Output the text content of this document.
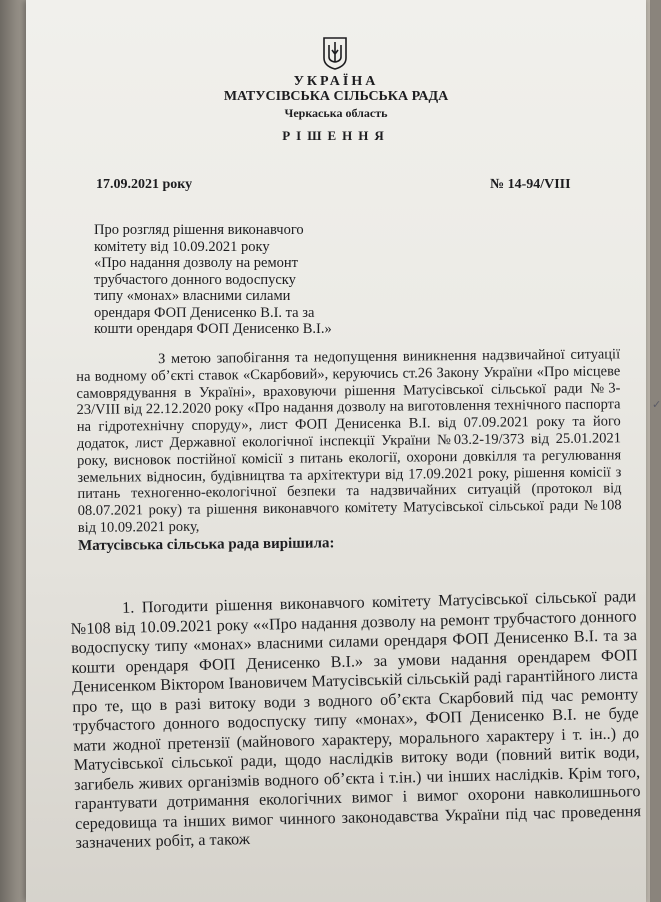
УКРАЇНА
МАТУСІВСЬКА СІЛЬСЬКА РАДА
Черкаська область
РІШЕННЯ
17.09.2021 року	№ 14-94/VIII
Про розгляд рішення виконавчого
комітету від 10.09.2021 року
«Про надання дозволу на ремонт
трубчастого донного водоспуску
типу «монах» власними силами
орендаря ФОП Денисенко В.І. та за
кошти орендаря ФОП Денисенко В.І.»

З метою запобігання та недопущення виникнення надзвичайної ситуації на водному об’єкті ставок «Скарбовий», керуючись ст.26 Закону України «Про місцеве самоврядування в Україні», враховуючи рішення Матусівської сільської ради №3-23/VIII від 22.12.2020 року «Про надання дозволу на виготовлення технічного паспорта на гідротехнічну споруду», лист ФОП Денисенка В.І. від 07.09.2021 року та його додаток, лист Державної екологічної інспекції України №03.2-19/373 від 25.01.2021 року, висновок постійної комісії з питань екології, охорони довкілля та регулювання земельних відносин, будівництва та архітектури від 17.09.2021 року, рішення комісії з питань техногенно-екологічної безпеки та надзвичайних ситуацій (протокол від 08.07.2021 року) та рішення виконавчого комітету Матусівської сільської ради №108 від 10.09.2021 року,

Матусівська сільська рада вирішила:

1. Погодити рішення виконавчого комітету Матусівської сільської ради №108 від 10.09.2021 року ««Про надання дозволу на ремонт трубчастого донного водоспуску типу «монах» власними силами орендаря ФОП Денисенко В.І. та за кошти орендаря ФОП Денисенко В.І.» за умови надання орендарем ФОП Денисенком Віктором Івановичем Матусівській сільській раді гарантійного листа про те, що в разі витоку води з водного об’єкта Скарбовий під час ремонту трубчастого донного водоспуску типу «монах», ФОП Денисенко В.І. не буде мати жодної претензії (майнового характеру, морального характеру і т. ін..) до Матусівської сільської ради, щодо наслідків витоку води (повний витік води, загибель живих організмів водного об’єкта і т.ін.) чи інших наслідків. Крім того, гарантувати дотримання екологічних вимог і вимог охорони навколишнього середовища та інших вимог чинного законодавства України під час проведення зазначених робіт, а також

✓
